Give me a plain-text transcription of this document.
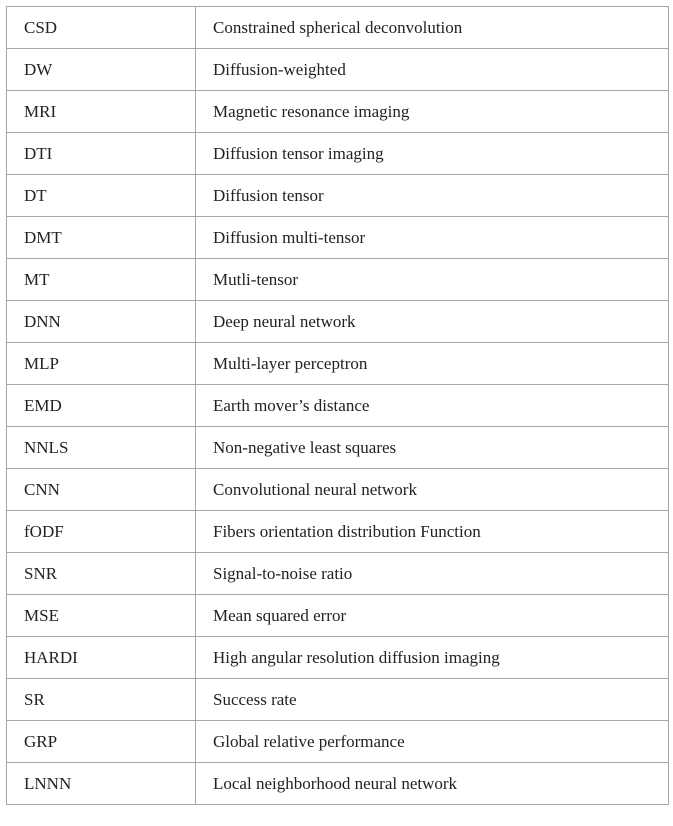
CSD	Constrained spherical deconvolution
DW	Diffusion-weighted
MRI	Magnetic resonance imaging
DTI	Diffusion tensor imaging
DT	Diffusion tensor
DMT	Diffusion multi-tensor
MT	Mutli-tensor
DNN	Deep neural network
MLP	Multi-layer perceptron
EMD	Earth mover’s distance
NNLS	Non-negative least squares
CNN	Convolutional neural network
fODF	Fibers orientation distribution Function
SNR	Signal-to-noise ratio
MSE	Mean squared error
HARDI	High angular resolution diffusion imaging
SR	Success rate
GRP	Global relative performance
LNNN	Local neighborhood neural network
